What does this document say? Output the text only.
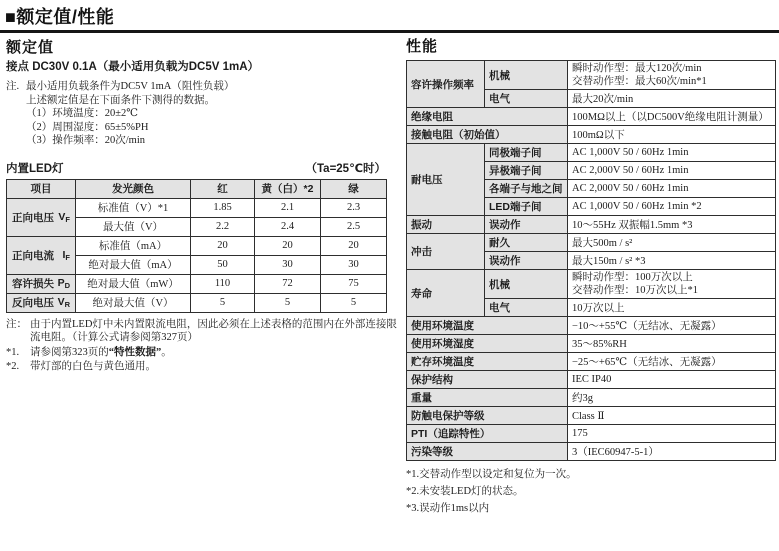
■额定值/性能
额定值
接点 DC30V 0.1A（最小适用负载为DC5V 1mA）
注. 最小适用负载条件为DC5V 1mA（阻性负载）
上述额定值是在下面条件下测得的数据。
（1）环境温度：20±2℃
（2）周围湿度：65±5%PH
（3）操作频率：20次/min
内置LED灯	（Ta=25℃时）
项目	发光颜色	红	黄（白）*2	绿

正向电压 $V_F$	标准值（V）*1	1.85	2.1	2.3
	最大值（V）	2.2	2.4	2.5

正向电流 $I_F$	标准值（mA）	20	20	20
	绝对最大值（mA）	50	30	30

容许损失 $P_D$	绝对最大值（mW）	110	72	75

反向电压 $V_R$	绝对最大值（V）	5	5	5
注： 由于内置LED灯中未内置限流电阻，因此必须在上述表格的范围内在外部连接限流电阻。（计算公式请参阅第327页）
*1.	请参阅第323页的“特性数据”。
*2.	带灯部的白色与黄色通用。
性能
容许操作频率	机械	瞬时动作型：最大120次/min
交替动作型：最大60次/min*1

	电气	最大20次/min
绝缘电阻		100MΩ以上（以DC500V绝缘电阻计测量）
接触电阻（初始值）		100mΩ以下
耐电压	同极端子间	AC 1,000V 50 / 60Hz 1min
	异极端子间	AC 2,000V 50 / 60Hz 1min
	各端子与地之间	AC 2,000V 50 / 60Hz 1min
	LED端子间	AC 1,000V 50 / 60Hz 1min *2
振动	误动作	10～55Hz 双振幅1.5mm *3
冲击	耐久	最大500m / s²
	误动作	最大150m / s² *3
寿命	机械	瞬时动作型：100万次以上
交替动作型：10万次以上*1

	电气	10万次以上
使用环境温度		−10～+55℃（无结冰、无凝露）
使用环境湿度		35～85%RH
贮存环境温度		−25～+65℃（无结冰、无凝露）
保护结构		IEC IP40
重量		约3g
防触电保护等级		Class Ⅱ
PTI（追踪特性）		175
污染等级		3（IEC60947-5-1）
*1.交替动作型以设定和复位为一次。
*2.未安装LED灯的状态。
*3.误动作1ms以内
